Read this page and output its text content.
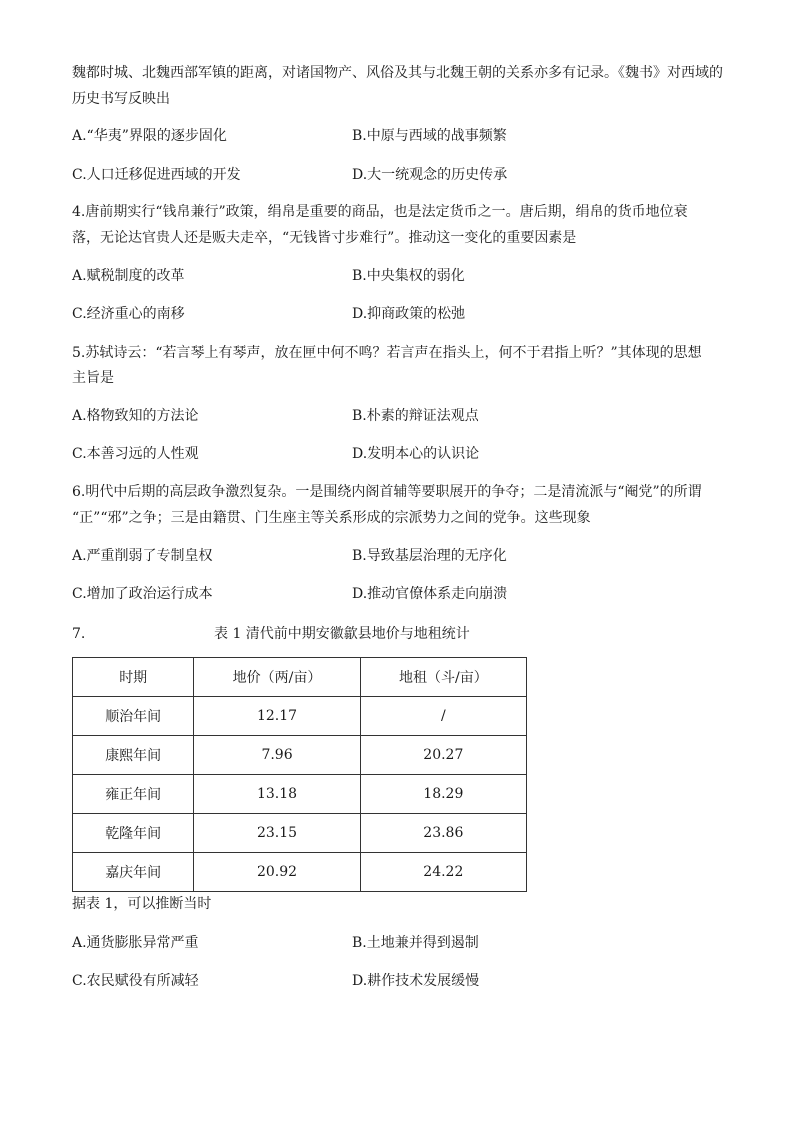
魏都时城、北魏西部军镇的距离，对诸国物产、风俗及其与北魏王朝的关系亦多有记录。《魏书》对西域的
历史书写反映出
A.“华夷”界限的逐步固化	B.中原与西域的战事频繁
C.人口迁移促进西域的开发	D.大一统观念的历史传承
4.唐前期实行“钱帛兼行”政策，绢帛是重要的商品，也是法定货币之一。唐后期，绢帛的货币地位衰
落，无论达官贵人还是贩夫走卒，“无钱皆寸步难行”。推动这一变化的重要因素是
A.赋税制度的改革	B.中央集权的弱化
C.经济重心的南移	D.抑商政策的松弛
5.苏轼诗云：“若言琴上有琴声，放在匣中何不鸣？若言声在指头上，何不于君指上听？”其体现的思想
主旨是
A.格物致知的方法论	B.朴素的辩证法观点
C.本善习远的人性观	D.发明本心的认识论
6.明代中后期的高层政争激烈复杂。一是围绕内阁首辅等要职展开的争夺；二是清流派与“阉党”的所谓
“正”“邪”之争；三是由籍贯、门生座主等关系形成的宗派势力之间的党争。这些现象
A.严重削弱了专制皇权	B.导致基层治理的无序化
C.增加了政治运行成本	D.推动官僚体系走向崩溃
7.	表 1 清代前中期安徽歙县地价与地租统计
时期	地价（两/亩）	地租（斗/亩）
顺治年间	12.17	/
康熙年间	7.96	20.27
雍正年间	13.18	18.29
乾隆年间	23.15	23.86
嘉庆年间	20.92	24.22
据表 1，可以推断当时
A.通货膨胀异常严重	B.土地兼并得到遏制
C.农民赋役有所减轻	D.耕作技术发展缓慢
